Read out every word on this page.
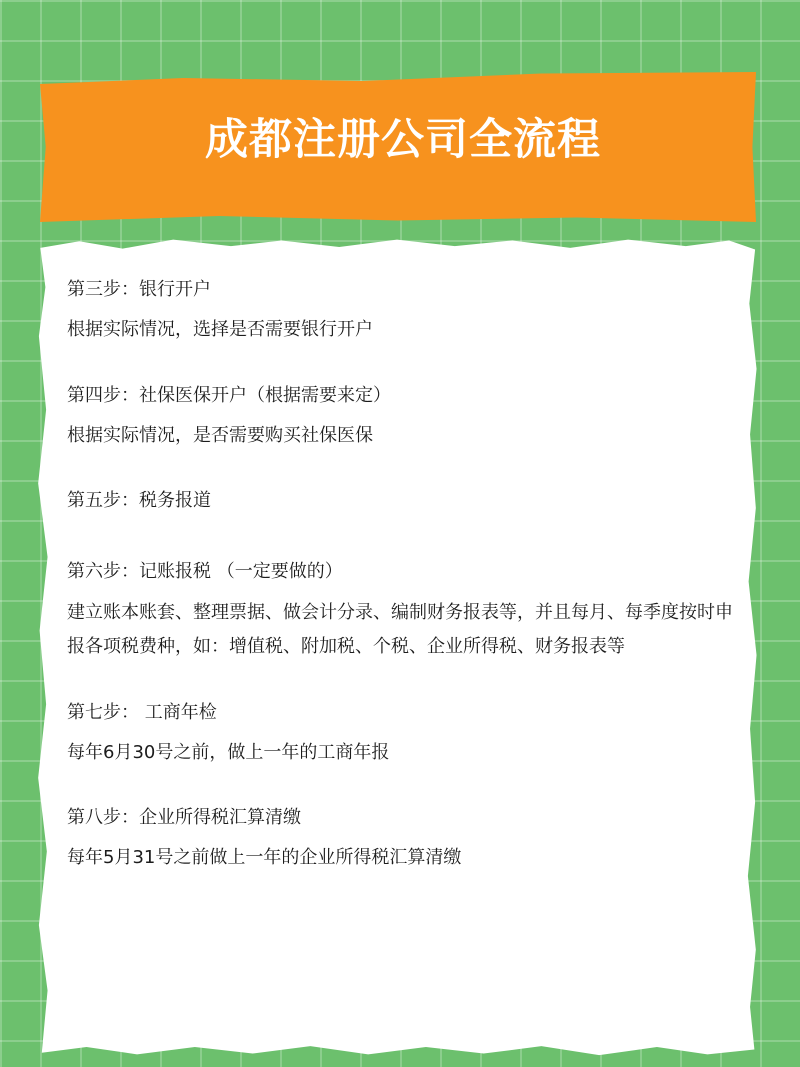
成都注册公司全流程

第三步：银行开户

根据实际情况，选择是否需要银行开户

第四步：社保医保开户（根据需要来定）

根据实际情况，是否需要购买社保医保

第五步：税务报道

第六步：记账报税 （一定要做的）

建立账本账套、整理票据、做会计分录、编制财务报表等，并且每月、每季度按时申报各项税费种，如：增值税、附加税、个税、企业所得税、财务报表等

第七步： 工商年检

每年6月30号之前，做上一年的工商年报

第八步：企业所得税汇算清缴

每年5月31号之前做上一年的企业所得税汇算清缴
